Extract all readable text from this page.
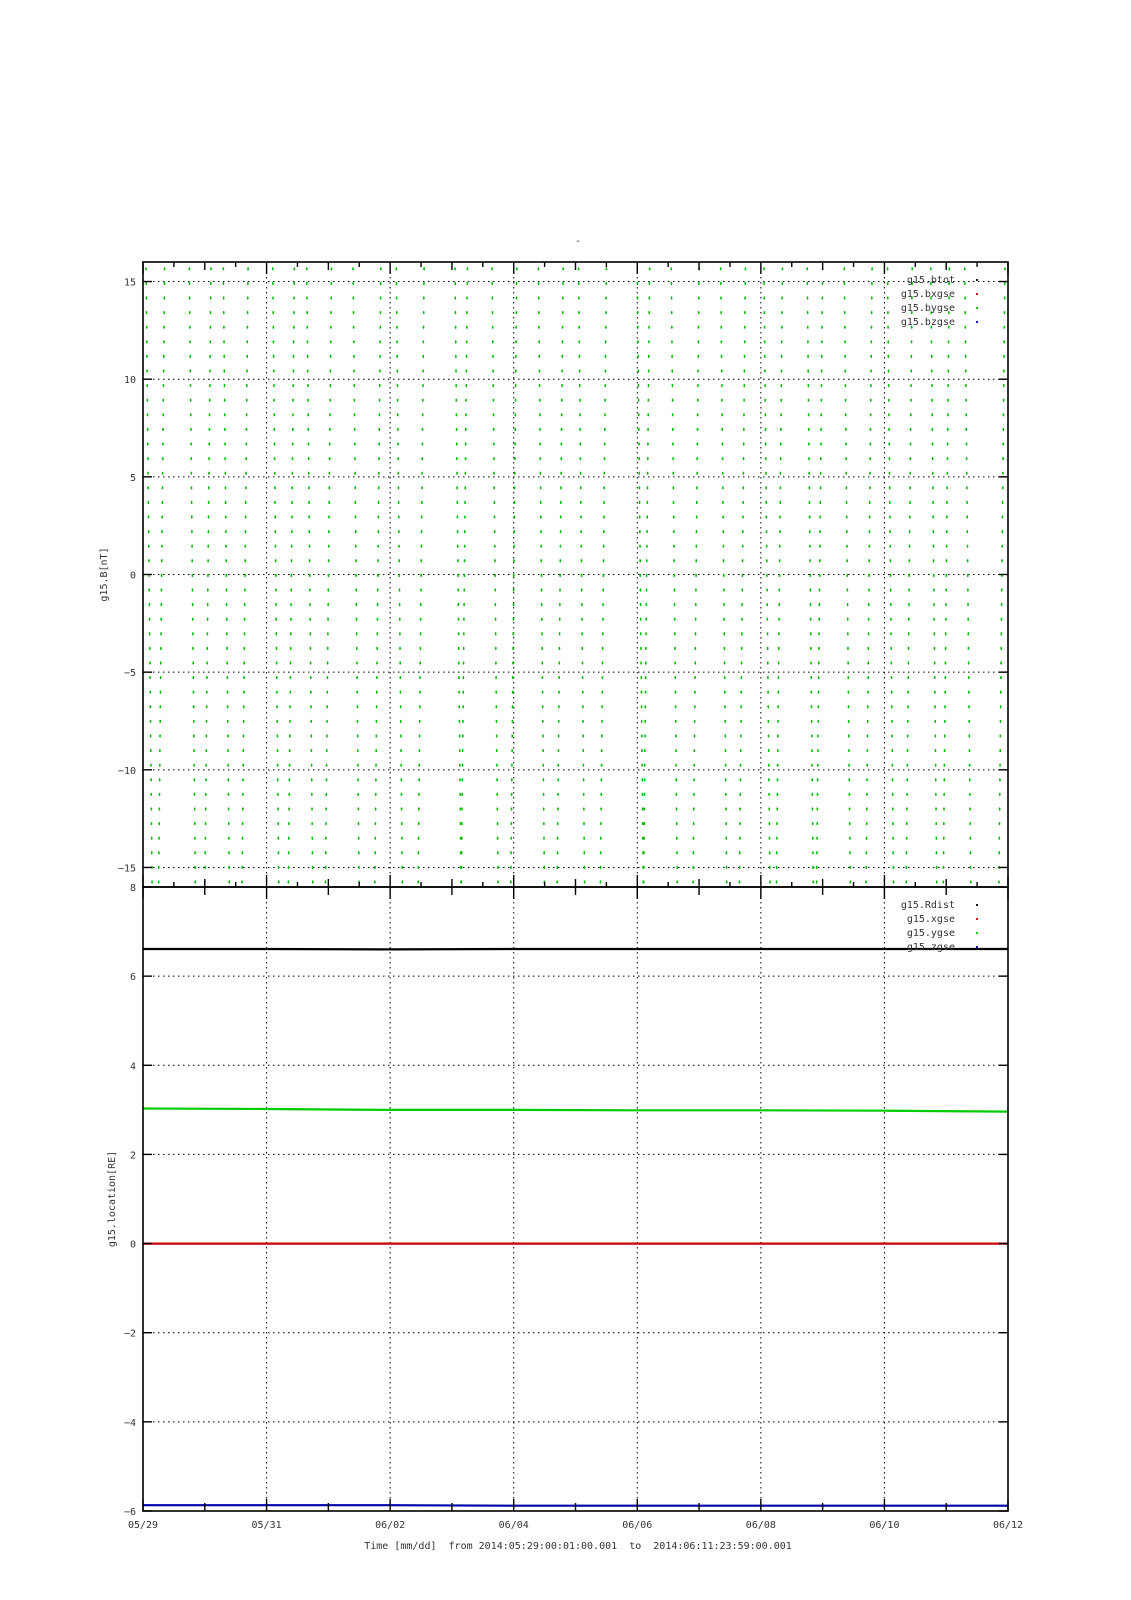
-
−15
−10
−5
0
5
10
15
g15.B[nT]
g15.btot
g15.bxgse
g15.bygse
g15.bzgse
−6
−4
−2
0
2
4
6
8
05/29	05/31	06/02	06/04	06/06	06/08	06/10	06/12
g15.location[RE]
g15.Rdist
g15.xgse
g15.ygse
g15.zgse
Time [mm/dd] from 2014:05:29:00:01:00.001 to 2014:06:11:23:59:00.001
